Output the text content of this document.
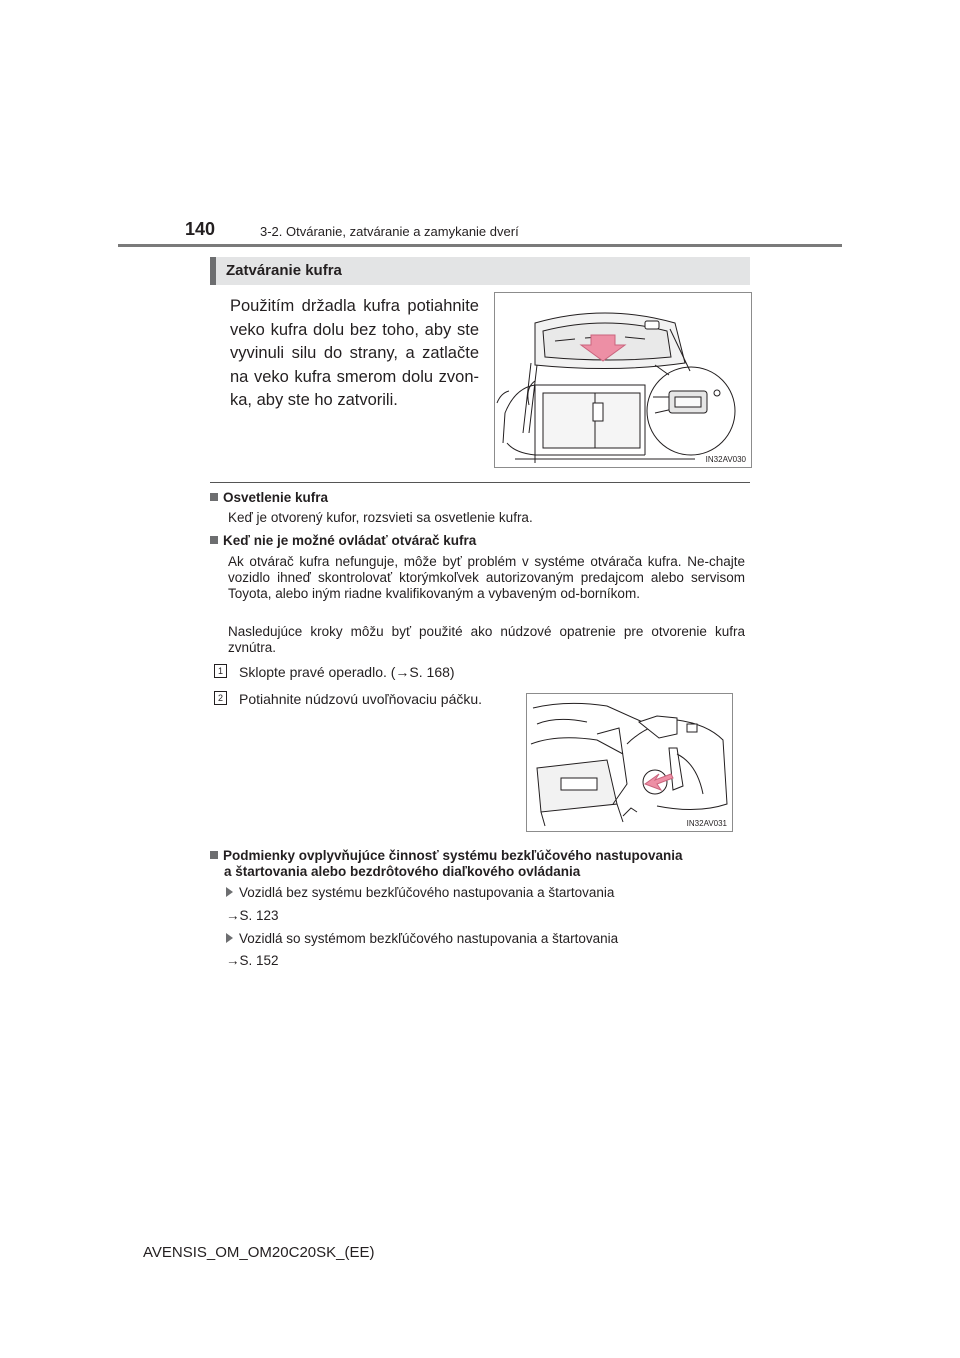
140	3-2. Otváranie, zatváranie a zamykanie dverí
Zatváranie kufra
Použitím držadla kufra potiahnite veko kufra dolu bez toho, aby ste vyvinuli silu do strany, a zatlačte na veko kufra smerom dolu zvon-ka, aby ste ho zatvorili.
IN32AV030
Osvetlenie kufra
Keď je otvorený kufor, rozsvieti sa osvetlenie kufra.
Keď nie je možné ovládať otvárač kufra
Ak otvárač kufra nefunguje, môže byť problém v systéme otvárača kufra. Ne-chajte vozidlo ihneď skontrolovať ktorýmkoľvek autorizovaným predajcom alebo servisom Toyota, alebo iným riadne kvalifikovaným a vybaveným od-borníkom.
Nasledujúce kroky môžu byť použité ako núdzové opatrenie pre otvorenie kufra zvnútra.
1 Sklopte pravé operadlo. (→S. 168)
2 Potiahnite núdzovú uvoľňovaciu páčku.
IN32AV031
Podmienky ovplyvňujúce činnosť systému bezkľúčového nastupovania
a štartovania alebo bezdrôtového diaľkového ovládania
Vozidlá bez systému bezkľúčového nastupovania a štartovania
→S. 123
Vozidlá so systémom bezkľúčového nastupovania a štartovania
→S. 152
AVENSIS_OM_OM20C20SK_(EE)
